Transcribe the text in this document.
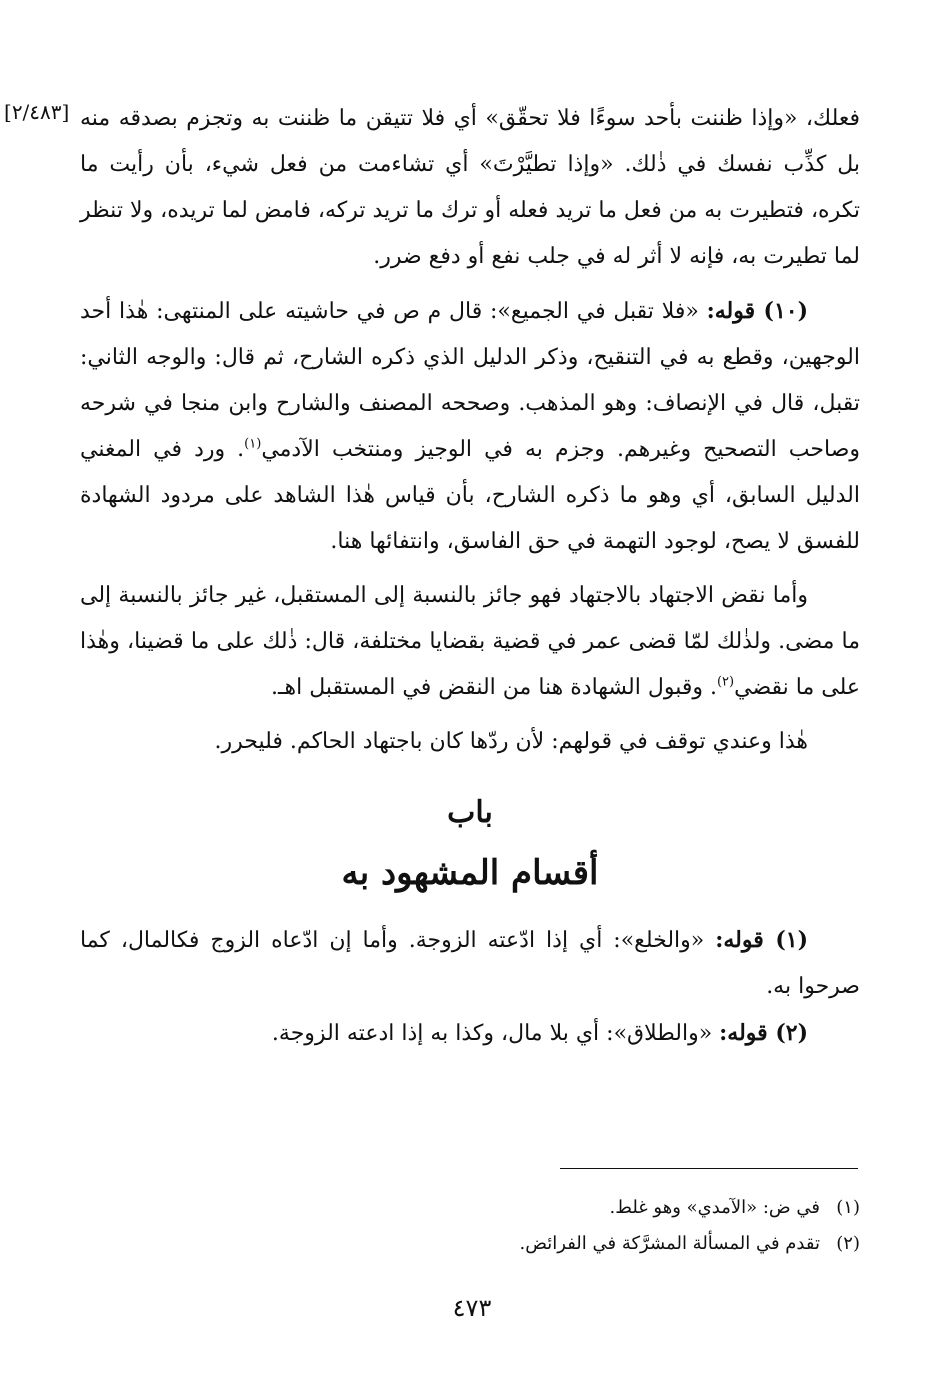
[٢/٤٨٣] فعلك، «وإذا ظننت بأحد سوءًا فلا تحقّق» أي فلا تتيقن ما ظننت به وتجزم بصدقه منه بل كذِّب نفسك في ذٰلك. «وإذا تطيَّرْتَ» أي تشاءمت من فعل شيء، بأن رأيت ما تكره، فتطيرت به من فعل ما تريد فعله أو ترك ما تريد تركه، فامض لما تريده، ولا تنظر لما تطيرت به، فإنه لا أثر له في جلب نفع أو دفع ضرر.

(١٠) قوله: «فلا تقبل في الجميع»: قال م ص في حاشيته على المنتهى: هٰذا أحد الوجهين، وقطع به في التنقيح، وذكر الدليل الذي ذكره الشارح، ثم قال: والوجه الثاني: تقبل، قال في الإنصاف: وهو المذهب. وصححه المصنف والشارح وابن منجا في شرحه وصاحب التصحيح وغيرهم. وجزم به في الوجيز ومنتخب الآدمي$^{(١)}$. ورد في المغني الدليل السابق، أي وهو ما ذكره الشارح، بأن قياس هٰذا الشاهد على مردود الشهادة للفسق لا يصح، لوجود التهمة في حق الفاسق، وانتفائها هنا.

وأما نقض الاجتهاد بالاجتهاد فهو جائز بالنسبة إلى المستقبل، غير جائز بالنسبة إلى ما مضى. ولذٰلك لمّا قضى عمر في قضية بقضايا مختلفة، قال: ذٰلك على ما قضينا، وهٰذا على ما نقضي$^{(٢)}$. وقبول الشهادة هنا من النقض في المستقبل اهـ.

هٰذا وعندي توقف في قولهم: لأن ردّها كان باجتهاد الحاكم. فليحرر.

باب

أقسام المشهود به

(١) قوله: «والخلع»: أي إذا ادّعته الزوجة. وأما إن ادّعاه الزوج فكالمال، كما صرحوا به.

(٢) قوله: «والطلاق»: أي بلا مال، وكذا به إذا ادعته الزوجة.

(١)في ض: «الآمدي» وهو غلط.

(٢)تقدم في المسألة المشرَّكة في الفرائض.

٤٧٣
